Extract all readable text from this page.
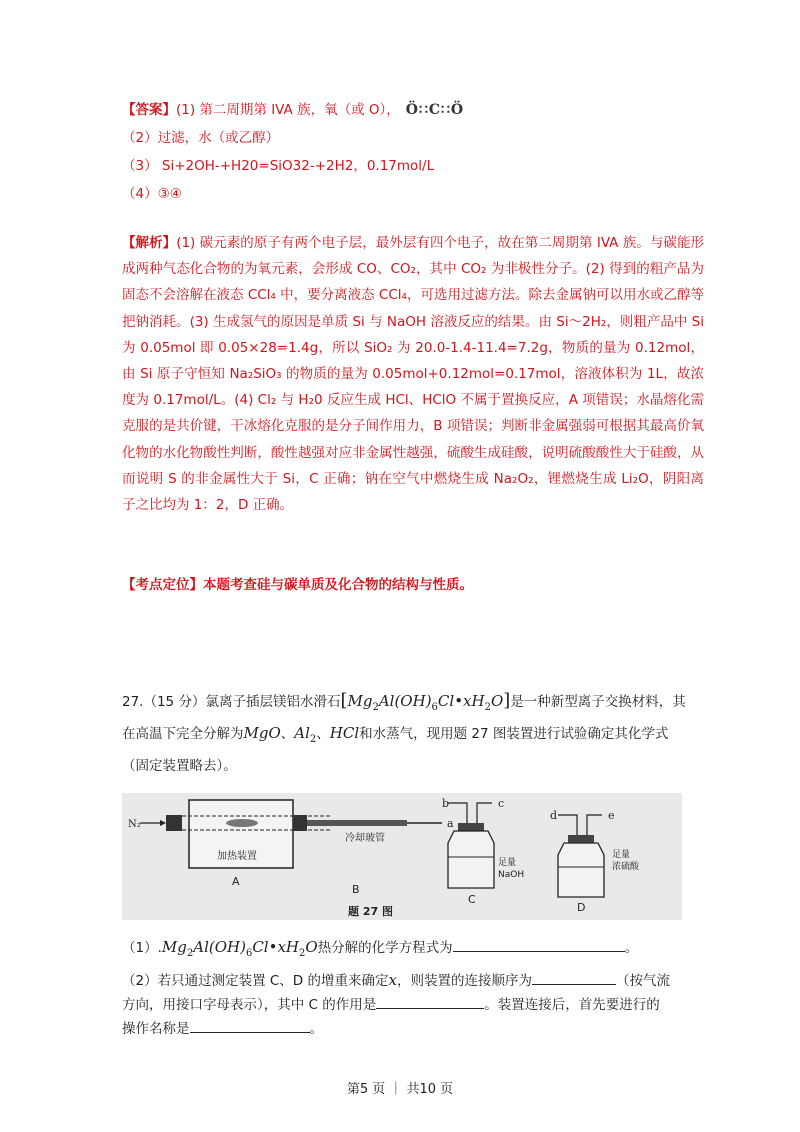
【答案】(1) 第二周期第 IVA 族，氧（或 O）， Ö∷C∷Ö
（2）过滤，水（或乙醇）
（3） Si+2OH-+H20=SiO32-+2H2，0.17mol/L
（4）③④

【解析】(1) 碳元素的原子有两个电子层，最外层有四个电子，故在第二周期第 IVA 族。与碳能形成两种气态化合物的为氧元素，会形成 CO、CO₂，其中 CO₂ 为非极性分子。(2) 得到的粗产品为固态不会溶解在液态 CCl₄ 中，要分离液态 CCl₄，可选用过滤方法。除去金属钠可以用水或乙醇等把钠消耗。(3) 生成氢气的原因是单质 Si 与 NaOH 溶液反应的结果。由 Si～2H₂，则粗产品中 Si 为 0.05mol 即 0.05×28=1.4g，所以 SiO₂ 为 20.0-1.4-11.4=7.2g，物质的量为 0.12mol，由 Si 原子守恒知 Na₂SiO₃ 的物质的量为 0.05mol+0.12mol=0.17mol，溶液体积为 1L，故浓度为 0.17mol/L。(4) Cl₂ 与 H₂0 反应生成 HCl、HClO 不属于置换反应，A 项错误；水晶熔化需克服的是共价键，干冰熔化克服的是分子间作用力，B 项错误；判断非金属强弱可根据其最高价氧化物的水化物酸性判断，酸性越强对应非金属性越强，硫酸生成硅酸，说明硫酸酸性大于硅酸，从而说明 S 的非金属性大于 Si，C 正确；钠在空气中燃烧生成 Na₂O₂，锂燃烧生成 Li₂O，阴阳离子之比均为 1：2，D 正确。

【考点定位】本题考查硅与碳单质及化合物的结构与性质。
27.（15 分）氯离子插层镁铝水滑石$[Mg_2Al(OH)_6Cl•xH_2O]$是一种新型离子交换材料，其
在高温下完全分解为MgO、$Al_2$、HCl和水蒸气，现用题 27 图装置进行试验确定其化学式
（固定装置略去）。
N₂
加热装置
A
冷却玻管
a
B
b	c
足量
NaOH
C
d	e
足量
浓硫酸
D
题 27 图
$(1).Mg_2Al(OH)_6Cl•xH_2O$热分解的化学方程式为	。
（2）若只通过测定装置 C、D 的增重来确定x，则装置的连接顺序为	（按气流
方向，用接口字母表示），其中 C 的作用是	。装置连接后，首先要进行的
操作名称是	。
第5 页 ｜ 共10 页
